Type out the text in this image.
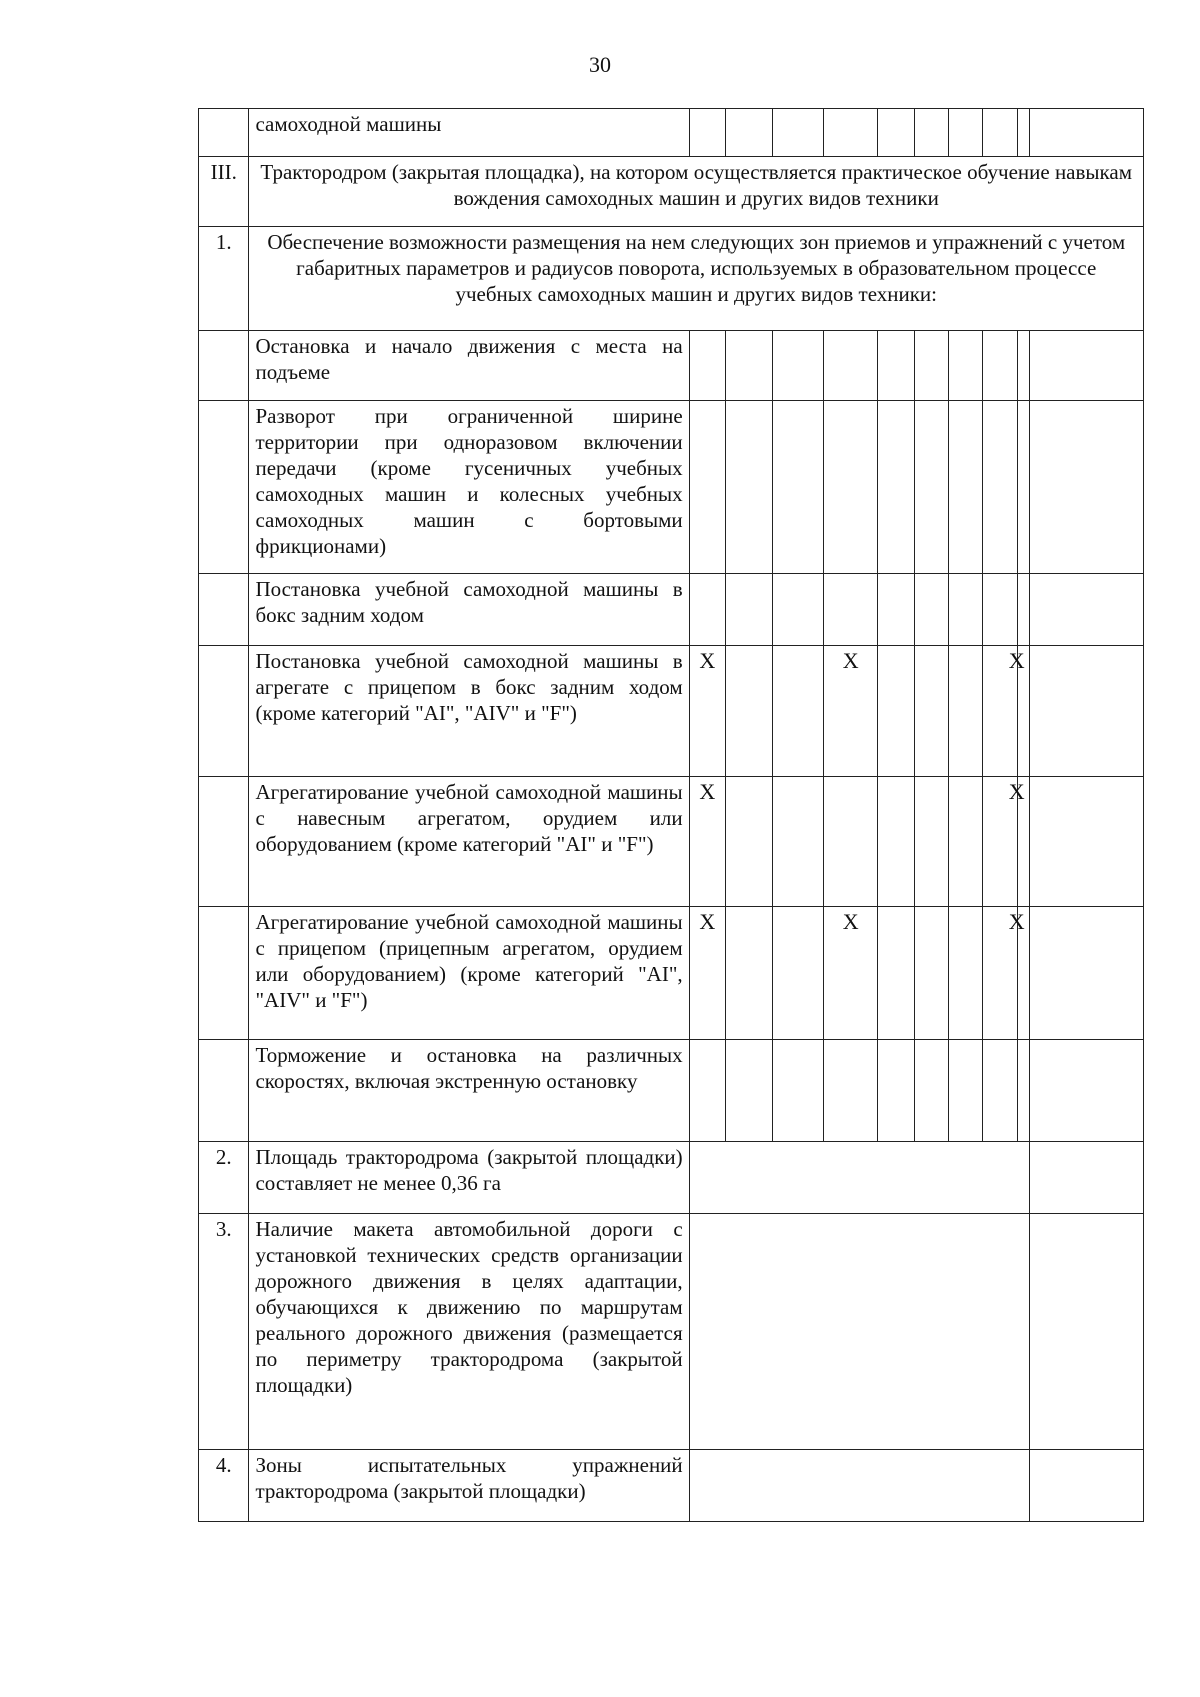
30
	самоходной машины										
III.	Трактородром (закрытая площадка), на котором осуществляется практическое обучение навыкам вождения самоходных машин и других видов техники										
1.	Обеспечение возможности размещения на нем следующих зон приемов и упражнений с учетом габаритных параметров и радиусов поворота, используемых в образовательном процессе учебных самоходных машин и других видов техники:										
	Остановка и начало движения с места на подъеме										
	Разворот при ограниченной ширине территории при одноразовом включении передачи (кроме гусеничных учебных самоходных машин и колесных учебных самоходных машин с бортовыми фрикционами)										
	Постановка учебной самоходной машины в бокс задним ходом										
	Постановка учебной самоходной машины в агрегате с прицепом в бокс задним ходом (кроме категорий "AI", "AIV" и "F")	X			X					X	
	Агрегатирование учебной самоходной машины с навесным агрегатом, орудием или оборудованием (кроме категорий "AI" и "F")	X								X	
	Агрегатирование учебной самоходной машины с прицепом (прицепным агрегатом, орудием или оборудованием) (кроме категорий "AI", "AIV" и "F")	X			X					X	
	Торможение и остановка на различных скоростях, включая экстренную остановку										
2.	Площадь трактородрома (закрытой площадки) составляет не менее 0,36 га										
3.	Наличие макета автомобильной дороги с установкой технических средств организации дорожного движения в целях адаптации, обучающихся к движению по маршрутам реального дорожного движения (размещается по периметру трактородрома (закрытой площадки)										
4.	Зоны испытательных упражнений трактородрома (закрытой площадки)										
